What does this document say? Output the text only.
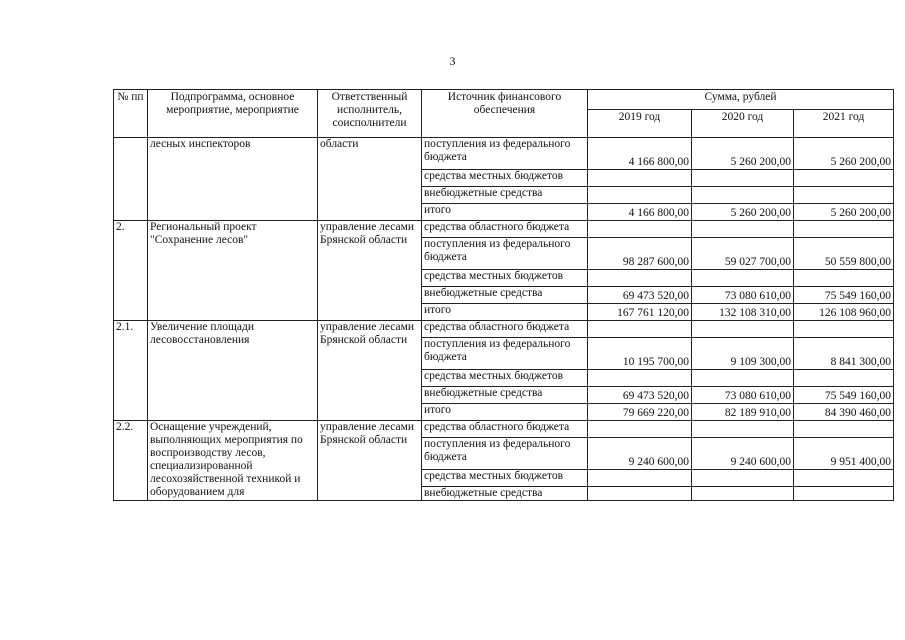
3
№ пп	Подпрограмма, основное мероприятие, мероприятие	Ответственный исполнитель, соисполнители	Источник финансового обеспечения	Сумма, рублей		
				2019 год	2020 год	2021 год
	лесных инспекторов	области	поступления из федерального бюджета	4 166 800,00	5 260 200,00	5 260 200,00
			средства местных бюджетов			
			внебюджетные средства			
			итого	4 166 800,00	5 260 200,00	5 260 200,00
2.	Региональный проект "Сохранение лесов"	управление лесами Брянской области	средства областного бюджета			
			поступления из федерального бюджета	98 287 600,00	59 027 700,00	50 559 800,00
			средства местных бюджетов			
			внебюджетные средства	69 473 520,00	73 080 610,00	75 549 160,00
			итого	167 761 120,00	132 108 310,00	126 108 960,00
2.1.	Увеличение площади лесовосстановления	управление лесами Брянской области	средства областного бюджета			
			поступления из федерального бюджета	10 195 700,00	9 109 300,00	8 841 300,00
			средства местных бюджетов			
			внебюджетные средства	69 473 520,00	73 080 610,00	75 549 160,00
			итого	79 669 220,00	82 189 910,00	84 390 460,00
2.2.	Оснащение учреждений, выполняющих мероприятия по воспроизводству лесов, специализированной лесохозяйственной техникой и оборудованием для	управление лесами Брянской области	средства областного бюджета			
			поступления из федерального бюджета	9 240 600,00	9 240 600,00	9 951 400,00
			средства местных бюджетов			
			внебюджетные средства			
